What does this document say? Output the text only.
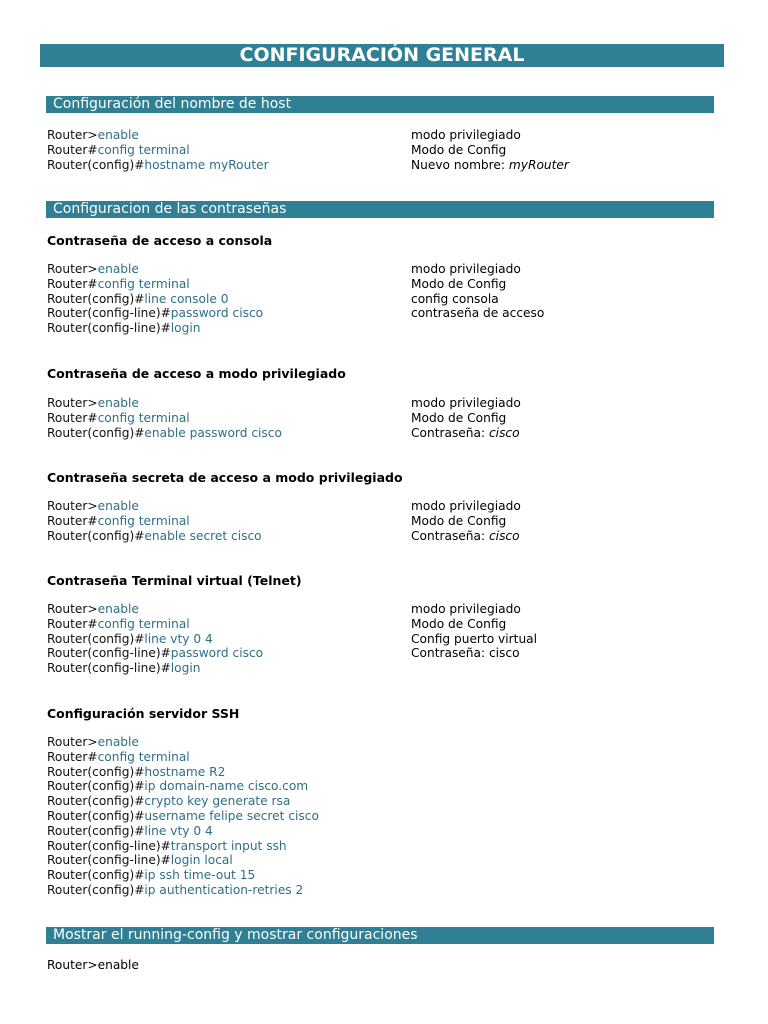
CONFIGURACIÓN GENERAL
Configuración del nombre de host
Router>enable
Router#config terminal
Router(config)#hostname myRouter
modo privilegiado
Modo de Config
Nuevo nombre: myRouter
Configuracion de las contraseñas
Contraseña de acceso a consola
Router>enable
Router#config terminal
Router(config)#line console 0
Router(config-line)#password cisco
Router(config-line)#login
modo privilegiado
Modo de Config
config consola
contraseña de acceso
Contraseña de acceso a modo privilegiado
Router>enable
Router#config terminal
Router(config)#enable password cisco
modo privilegiado
Modo de Config
Contraseña: cisco
Contraseña secreta de acceso a modo privilegiado
Router>enable
Router#config terminal
Router(config)#enable secret cisco
modo privilegiado
Modo de Config
Contraseña: cisco
Contraseña Terminal virtual (Telnet)
Router>enable
Router#config terminal
Router(config)#line vty 0 4
Router(config-line)#password cisco
Router(config-line)#login
modo privilegiado
Modo de Config
Config puerto virtual
Contraseña: cisco
Configuración servidor SSH
Router>enable
Router#config terminal
Router(config)#hostname R2
Router(config)#ip domain-name cisco.com
Router(config)#crypto key generate rsa
Router(config)#username felipe secret cisco
Router(config)#line vty 0 4
Router(config-line)#transport input ssh
Router(config-line)#login local
Router(config)#ip ssh time-out 15
Router(config)#ip authentication-retries 2
Mostrar el running-config y mostrar configuraciones
Router>enable
